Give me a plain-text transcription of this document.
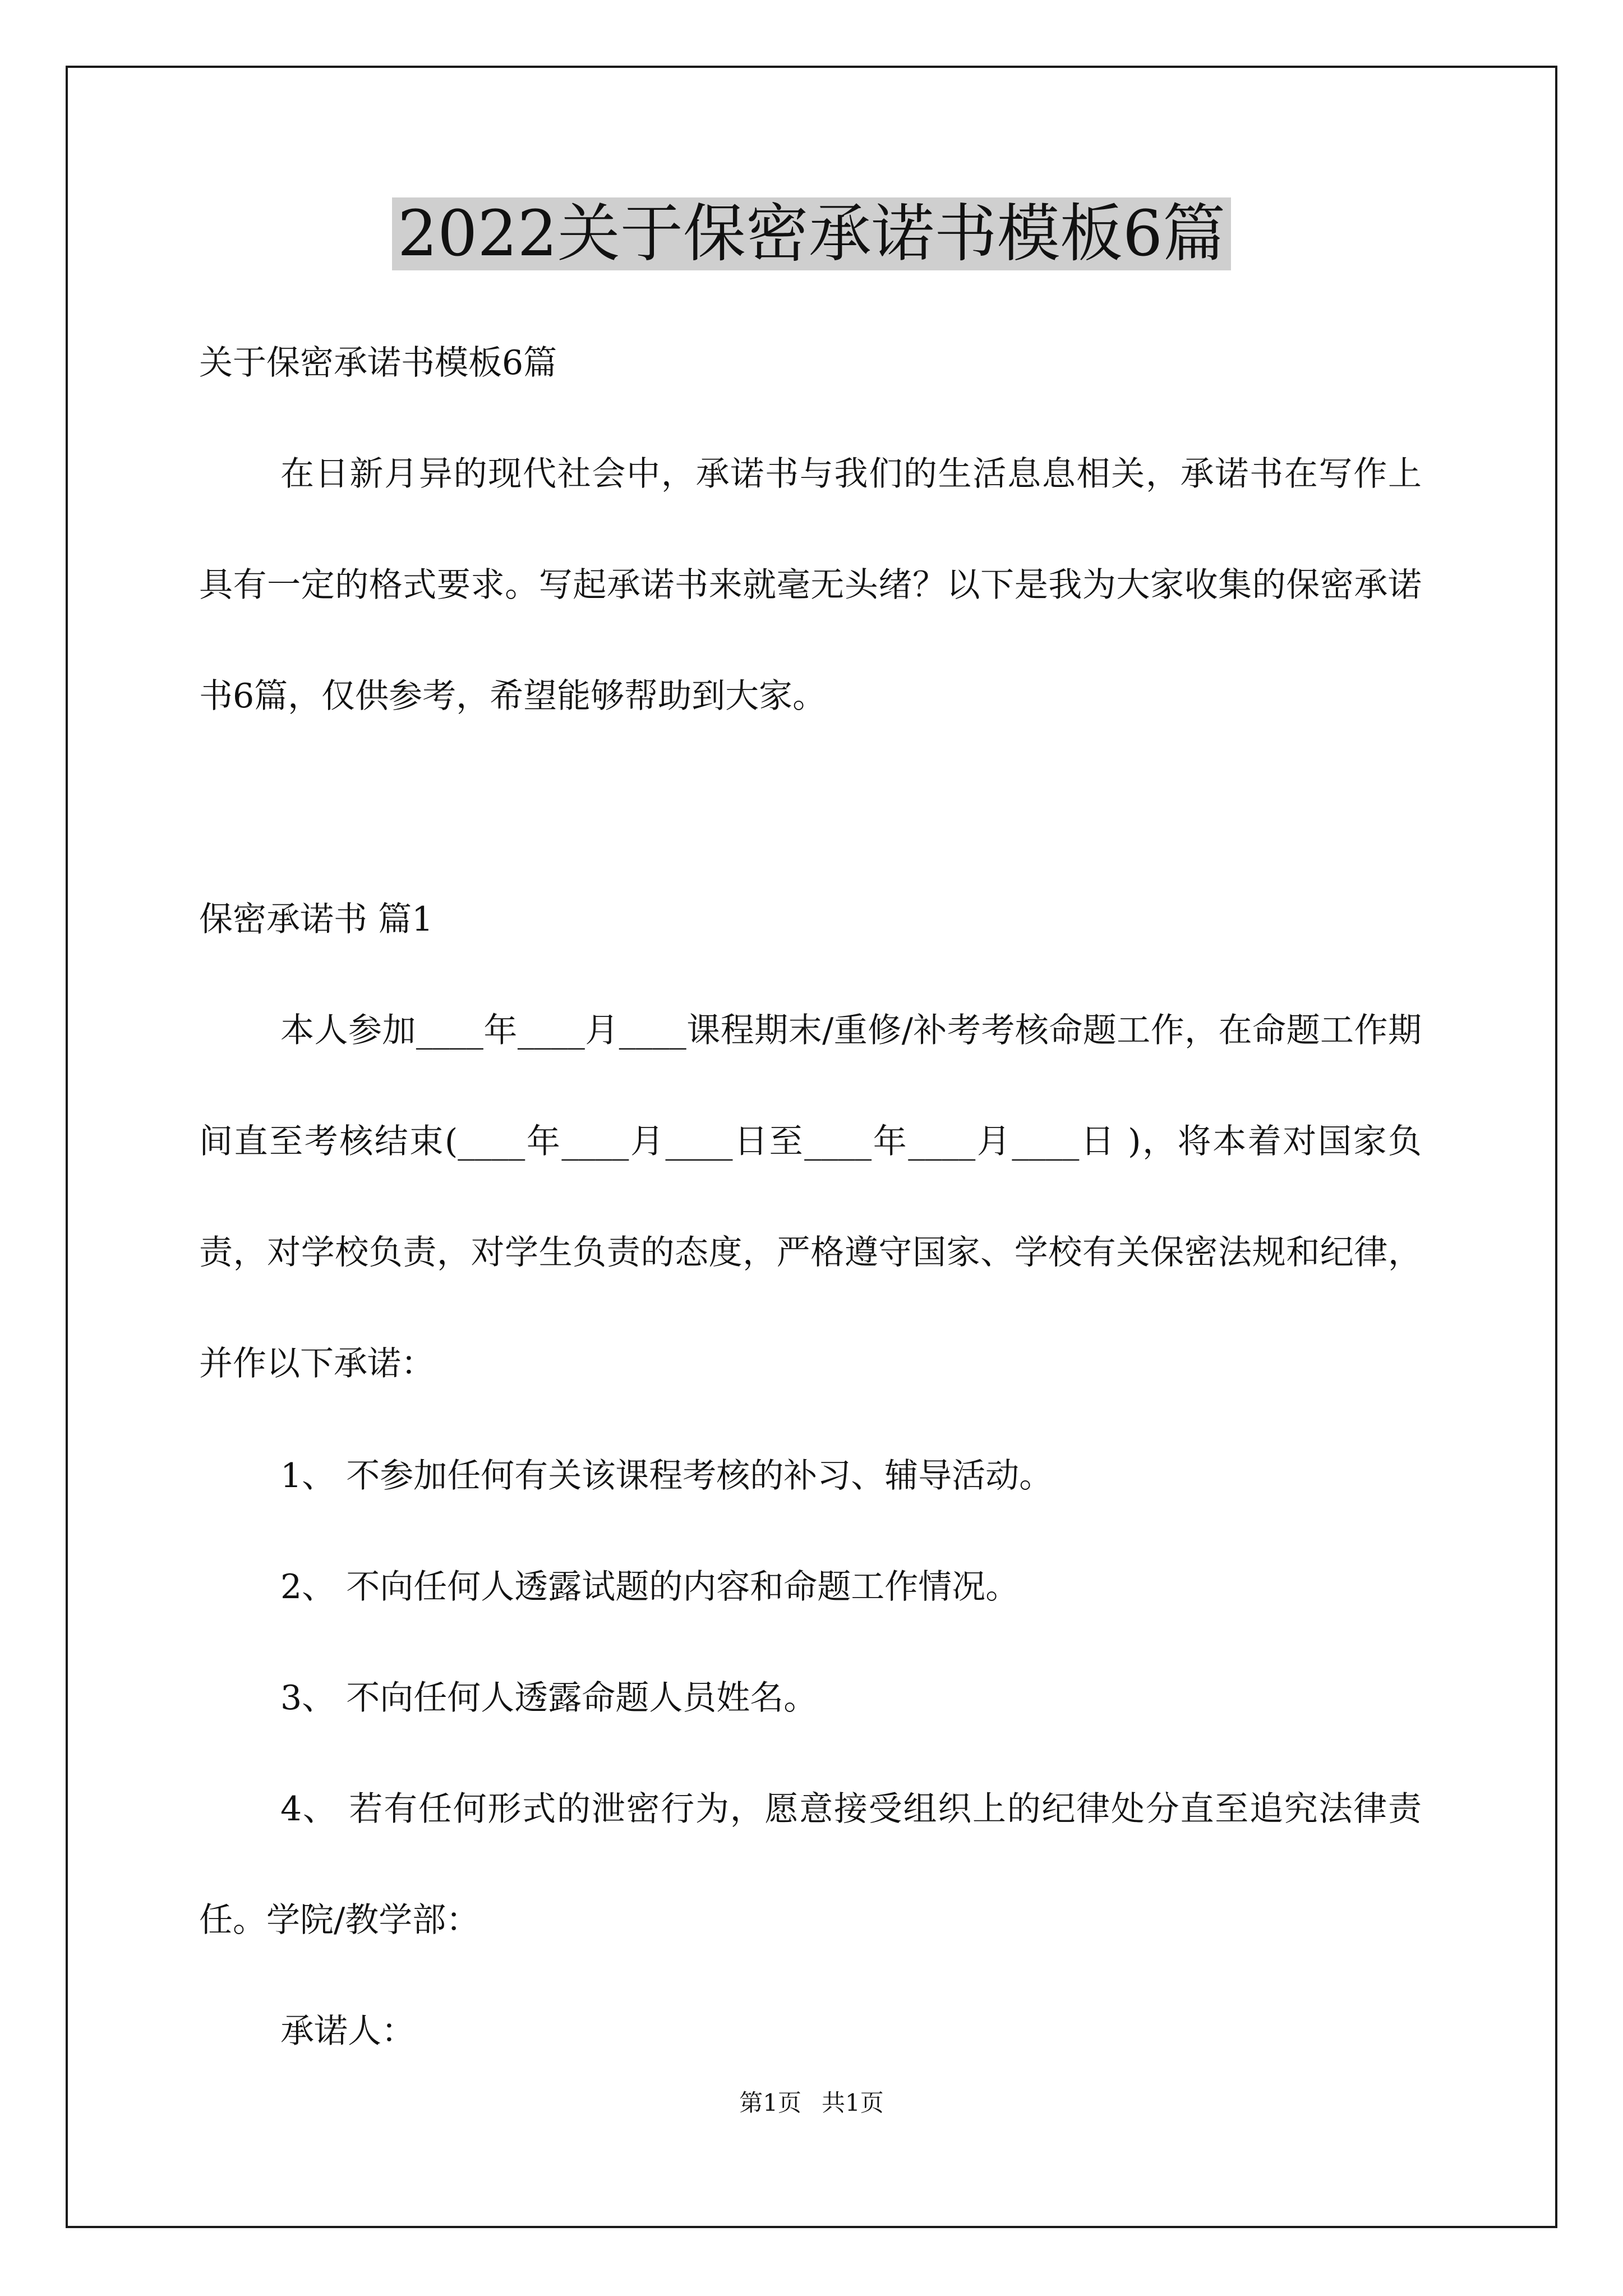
2022关于保密承诺书模板6篇

关于保密承诺书模板6篇

在日新月异的现代社会中，承诺书与我们的生活息息相关，承诺书在写作上具有一定的格式要求。写起承诺书来就毫无头绪？以下是我为大家收集的保密承诺书6篇，仅供参考，希望能够帮助到大家。

保密承诺书 篇1

本人参加____年____月____课程期末/重修/补考考核命题工作，在命题工作期间直至考核结束(____年____月____日至____年____月____日 )，将本着对国家负责，对学校负责，对学生负责的态度，严格遵守国家、学校有关保密法规和纪律，并作以下承诺：

1、 不参加任何有关该课程考核的补习、辅导活动。

2、 不向任何人透露试题的内容和命题工作情况。

3、 不向任何人透露命题人员姓名。

4、 若有任何形式的泄密行为，愿意接受组织上的纪律处分直至追究法律责任。学院/教学部：

承诺人：

第1页 共1页
